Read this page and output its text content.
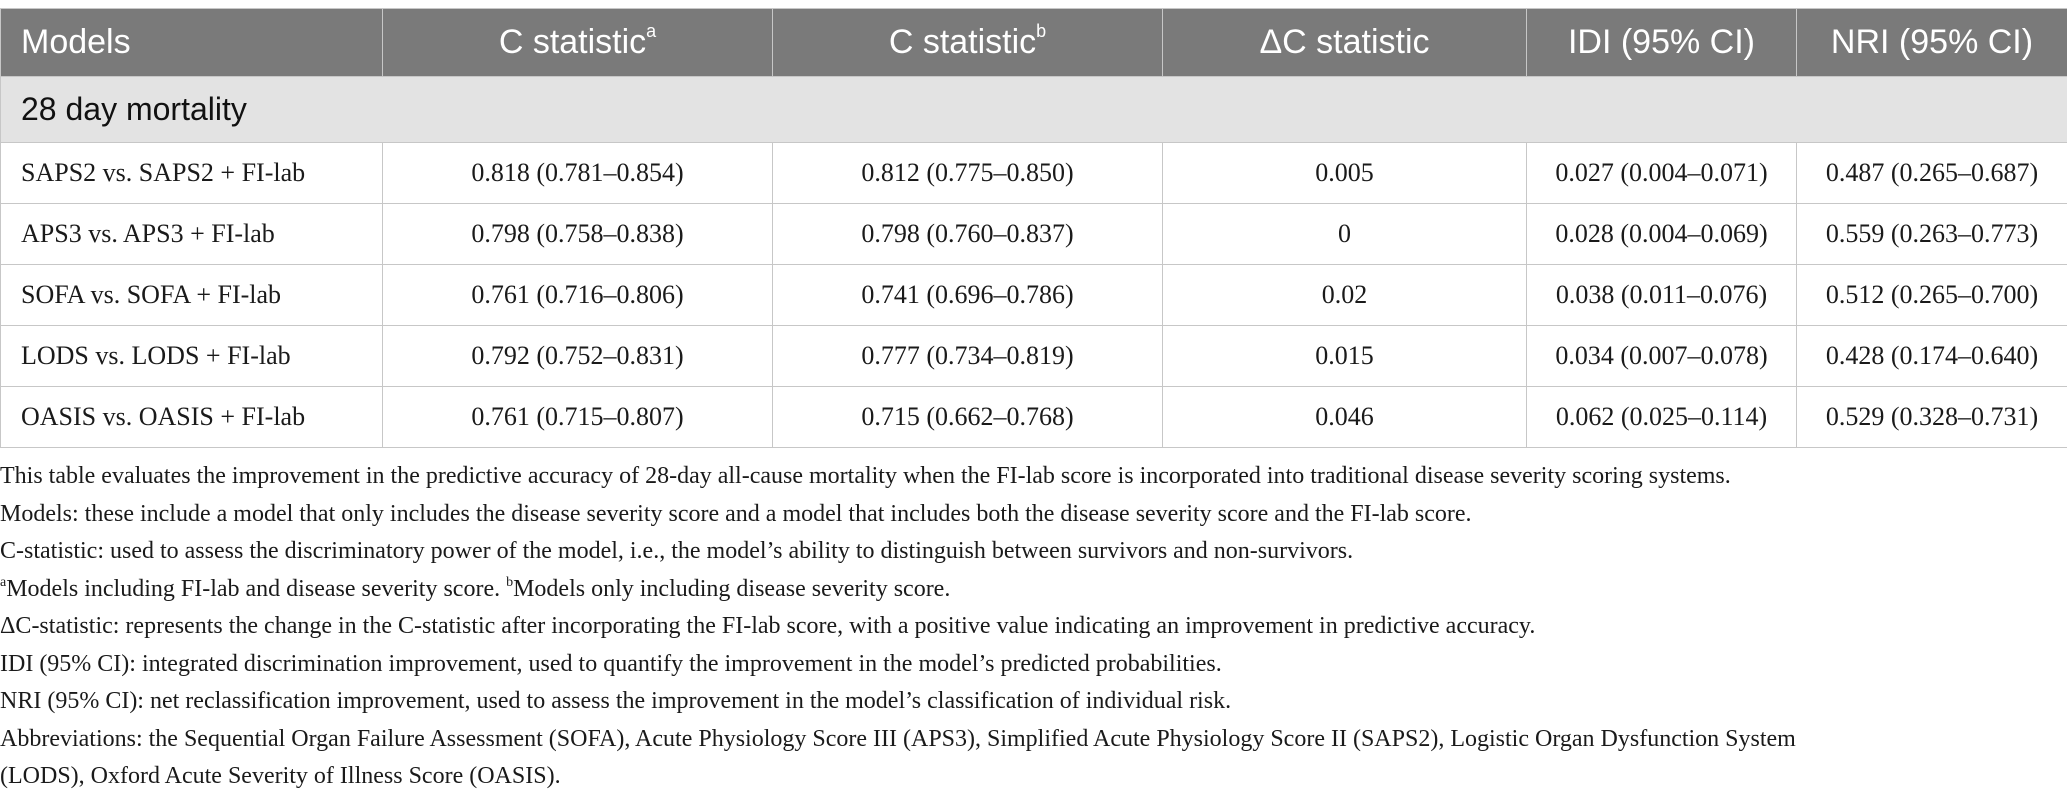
Models	C statistic$^a$	C statistic$^b$	ΔC statistic	IDI (95% CI)	NRI (95% CI)
28 day mortality					
SAPS2 vs. SAPS2 + FI-lab	0.818 (0.781–0.854)	0.812 (0.775–0.850)	0.005	0.027 (0.004–0.071)	0.487 (0.265–0.687)
APS3 vs. APS3 + FI-lab	0.798 (0.758–0.838)	0.798 (0.760–0.837)	0	0.028 (0.004–0.069)	0.559 (0.263–0.773)
SOFA vs. SOFA + FI-lab	0.761 (0.716–0.806)	0.741 (0.696–0.786)	0.02	0.038 (0.011–0.076)	0.512 (0.265–0.700)
LODS vs. LODS + FI-lab	0.792 (0.752–0.831)	0.777 (0.734–0.819)	0.015	0.034 (0.007–0.078)	0.428 (0.174–0.640)
OASIS vs. OASIS + FI-lab	0.761 (0.715–0.807)	0.715 (0.662–0.768)	0.046	0.062 (0.025–0.114)	0.529 (0.328–0.731)
This table evaluates the improvement in the predictive accuracy of 28-day all-cause mortality when the FI-lab score is incorporated into traditional disease severity scoring systems.
Models: these include a model that only includes the disease severity score and a model that includes both the disease severity score and the FI-lab score.
C-statistic: used to assess the discriminatory power of the model, i.e., the model’s ability to distinguish between survivors and non-survivors.
$^a$Models including FI-lab and disease severity score. $^b$Models only including disease severity score.
ΔC-statistic: represents the change in the C-statistic after incorporating the FI-lab score, with a positive value indicating an improvement in predictive accuracy.
IDI (95% CI): integrated discrimination improvement, used to quantify the improvement in the model’s predicted probabilities.
NRI (95% CI): net reclassification improvement, used to assess the improvement in the model’s classification of individual risk.
Abbreviations: the Sequential Organ Failure Assessment (SOFA), Acute Physiology Score III (APS3), Simplified Acute Physiology Score II (SAPS2), Logistic Organ Dysfunction System
(LODS), Oxford Acute Severity of Illness Score (OASIS).
